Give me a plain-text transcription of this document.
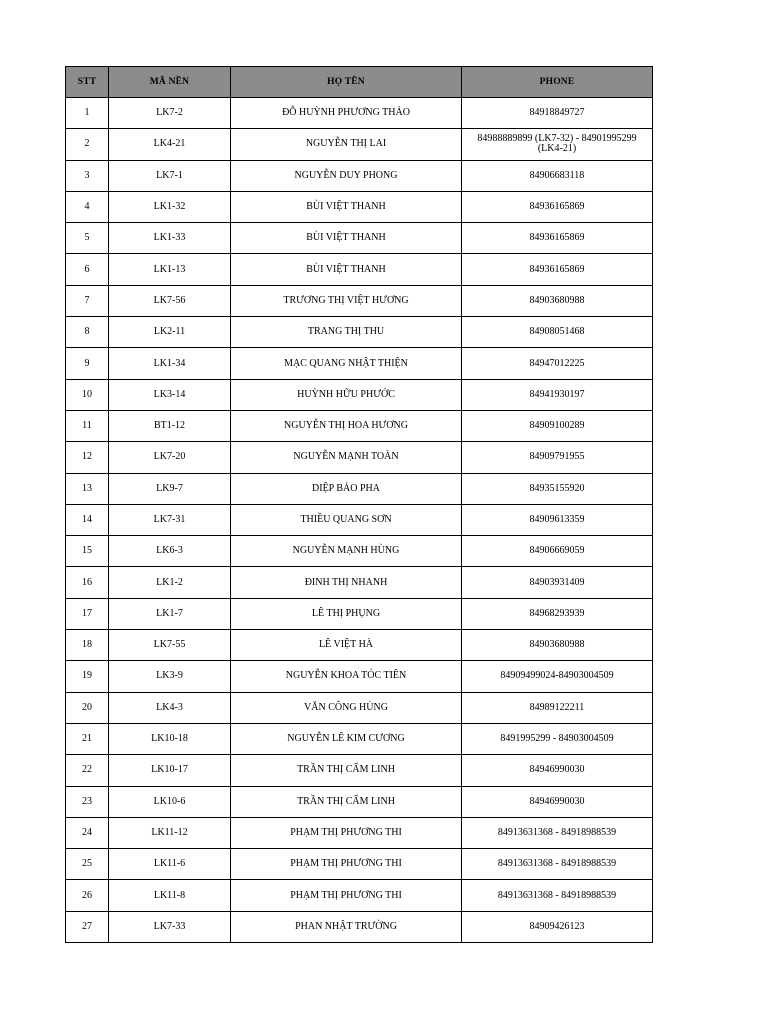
STT	MÃ NỀN	HỌ TÊN	PHONE
1	LK7-2	ĐỖ HUỲNH PHƯƠNG THẢO	84918849727
2	LK4-21	NGUYỄN THỊ LAI	84988889899 (LK7-32) - 84901995299 (LK4-21)
3	LK7-1	NGUYỄN DUY PHONG	84906683118
4	LK1-32	BÙI VIỆT THANH	84936165869
5	LK1-33	BÙI VIỆT THANH	84936165869
6	LK1-13	BÙI VIỆT THANH	84936165869
7	LK7-56	TRƯƠNG THỊ VIỆT HƯƠNG	84903680988
8	LK2-11	TRANG THỊ THU	84908051468
9	LK1-34	MẠC QUANG NHẬT THIỆN	84947012225
10	LK3-14	HUỲNH HỮU PHƯỚC	84941930197
11	BT1-12	NGUYỄN THỊ HOA HƯƠNG	84909100289
12	LK7-20	NGUYỄN MẠNH TOÀN	84909791955
13	LK9-7	DIỆP BẢO PHA	84935155920
14	LK7-31	THIỀU QUANG SƠN	84909613359
15	LK6-3	NGUYỄN MẠNH HÙNG	84906669059
16	LK1-2	ĐINH THỊ NHANH	84903931409
17	LK1-7	LÊ THỊ PHỤNG	84968293939
18	LK7-55	LÊ VIỆT HÀ	84903680988
19	LK3-9	NGUYỄN KHOA TÓC TIÊN	84909499024-84903004509
20	LK4-3	VĂN CÔNG HÙNG	84989122211
21	LK10-18	NGUYỄN LÊ KIM CƯƠNG	8491995299 - 84903004509
22	LK10-17	TRẦN THỊ CẨM LINH	84946990030
23	LK10-6	TRẦN THỊ CẨM LINH	84946990030
24	LK11-12	PHẠM THỊ PHƯƠNG THI	84913631368 - 84918988539
25	LK11-6	PHẠM THỊ PHƯƠNG THI	84913631368 - 84918988539
26	LK11-8	PHẠM THỊ PHƯƠNG THI	84913631368 - 84918988539
27	LK7-33	PHAN NHẬT TRƯỜNG	84909426123
